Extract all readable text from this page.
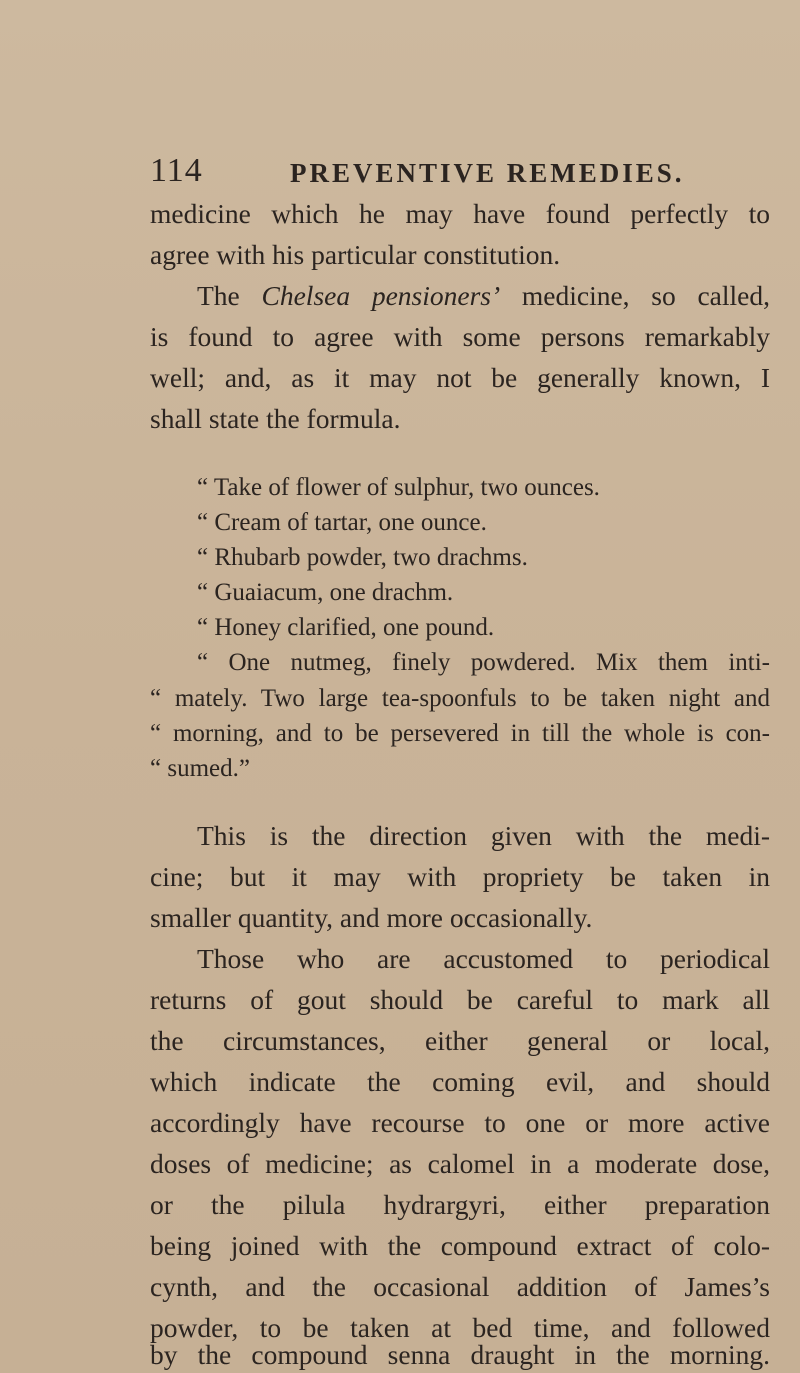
114	PREVENTIVE REMEDIES.
medicine which he may have found perfectly to
agree with his particular constitution.
The Chelsea pensioners’ medicine, so called,
is found to agree with some persons remarkably
well; and, as it may not be generally known, I
shall state the formula.
“ Take of flower of sulphur, two ounces.
“ Cream of tartar, one ounce.
“ Rhubarb powder, two drachms.
“ Guaiacum, one drachm.
“ Honey clarified, one pound.
“ One nutmeg, finely powdered. Mix them inti-
“ mately. Two large tea-spoonfuls to be taken night and
“ morning, and to be persevered in till the whole is con-
“ sumed.”
This is the direction given with the medi-
cine; but it may with propriety be taken in
smaller quantity, and more occasionally.
Those who are accustomed to periodical
returns of gout should be careful to mark all
the circumstances, either general or local,
which indicate the coming evil, and should
accordingly have recourse to one or more active
doses of medicine; as calomel in a moderate dose,
or the pilula hydrargyri, either preparation
being joined with the compound extract of colo-
cynth, and the occasional addition of James’s
powder, to be taken at bed time, and followed
by the compound senna draught in the morning.
